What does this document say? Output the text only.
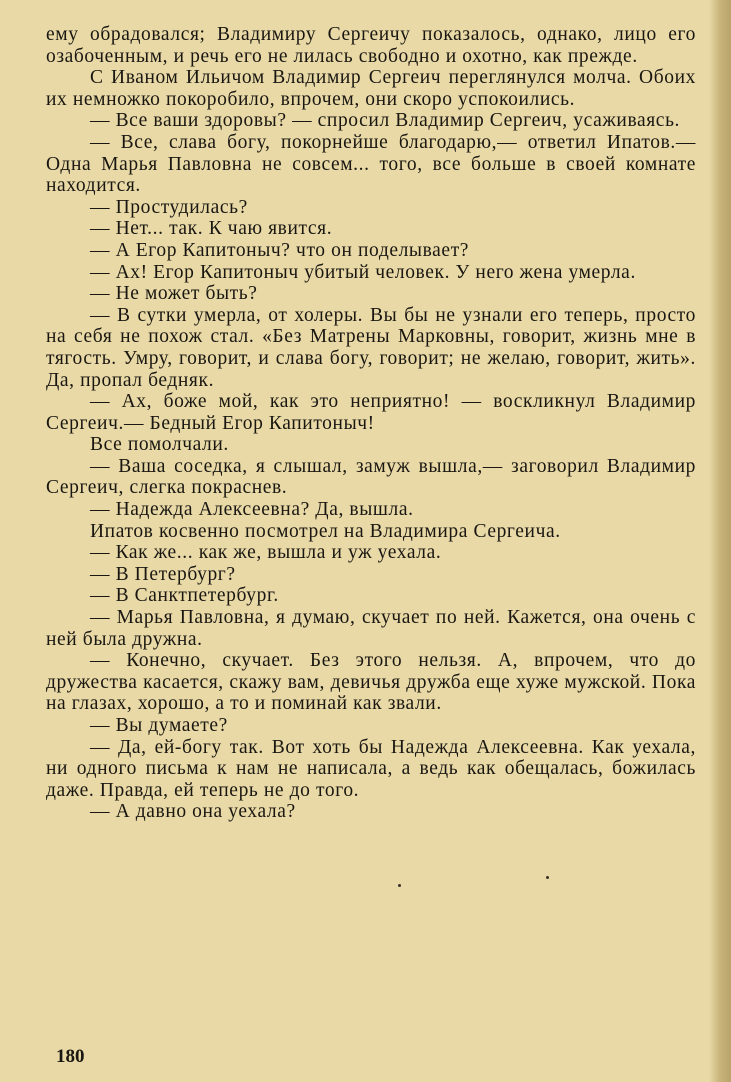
ему обрадовался; Владимиру Сергеичу показалось, однако, лицо его озабоченным, и речь его не лилась свободно и охотно, как прежде.

С Иваном Ильичом Владимир Сергеич переглянулся молча. Обоих их немножко покоробило, впрочем, они скоро успокоились.

— Все ваши здоровы? — спросил Владимир Сергеич, усаживаясь.

— Все, слава богу, покорнейше благодарю,— ответил Ипатов.— Одна Марья Павловна не совсем... того, все больше в своей комнате находится.

— Простудилась?

— Нет... так. К чаю явится.

— А Егор Капитоныч? что он поделывает?

— Ах! Егор Капитоныч убитый человек. У него жена умерла.

— Не может быть?

— В сутки умерла, от холеры. Вы бы не узнали его теперь, просто на себя не похож стал. «Без Матрены Марковны, говорит, жизнь мне в тягость. Умру, говорит, и слава богу, говорит; не желаю, говорит, жить». Да, пропал бедняк.

— Ах, боже мой, как это неприятно! — воскликнул Владимир Сергеич.— Бедный Егор Капитоныч!

Все помолчали.

— Ваша соседка, я слышал, замуж вышла,— заговорил Владимир Сергеич, слегка покраснев.

— Надежда Алексеевна? Да, вышла.

Ипатов косвенно посмотрел на Владимира Сергеича.

— Как же... как же, вышла и уж уехала.

— В Петербург?

— В Санктпетербург.

— Марья Павловна, я думаю, скучает по ней. Кажется, она очень с ней была дружна.

— Конечно, скучает. Без этого нельзя. А, впрочем, что до дружества касается, скажу вам, девичья дружба еще хуже мужской. Пока на глазах, хорошо, а то и поминай как звали.

— Вы думаете?

— Да, ей-богу так. Вот хоть бы Надежда Алексеевна. Как уехала, ни одного письма к нам не написала, а ведь как обещалась, божилась даже. Правда, ей теперь не до того.

— А давно она уехала?

180
